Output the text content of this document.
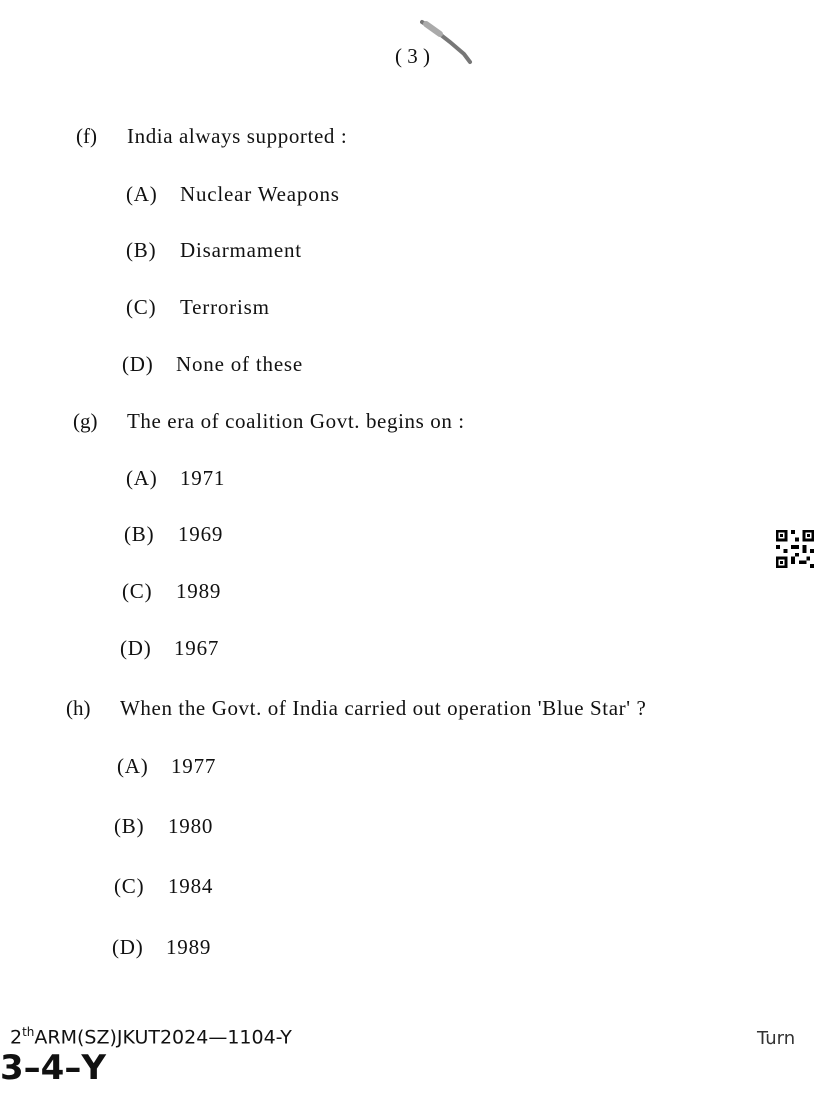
( 3 )
(f) India always supported :
(A) Nuclear Weapons
(B) Disarmament
(C) Terrorism
(D) None of these
(g) The era of coalition Govt. begins on :
(A) 1971
(B) 1969
(C) 1989
(D) 1967
(h) When the Govt. of India carried out operation 'Blue Star' ?
(A) 1977
(B) 1980
(C) 1984
(D) 1989
2thARM(SZ)JKUT2024—1104-Y
3–4–Y
Turn
